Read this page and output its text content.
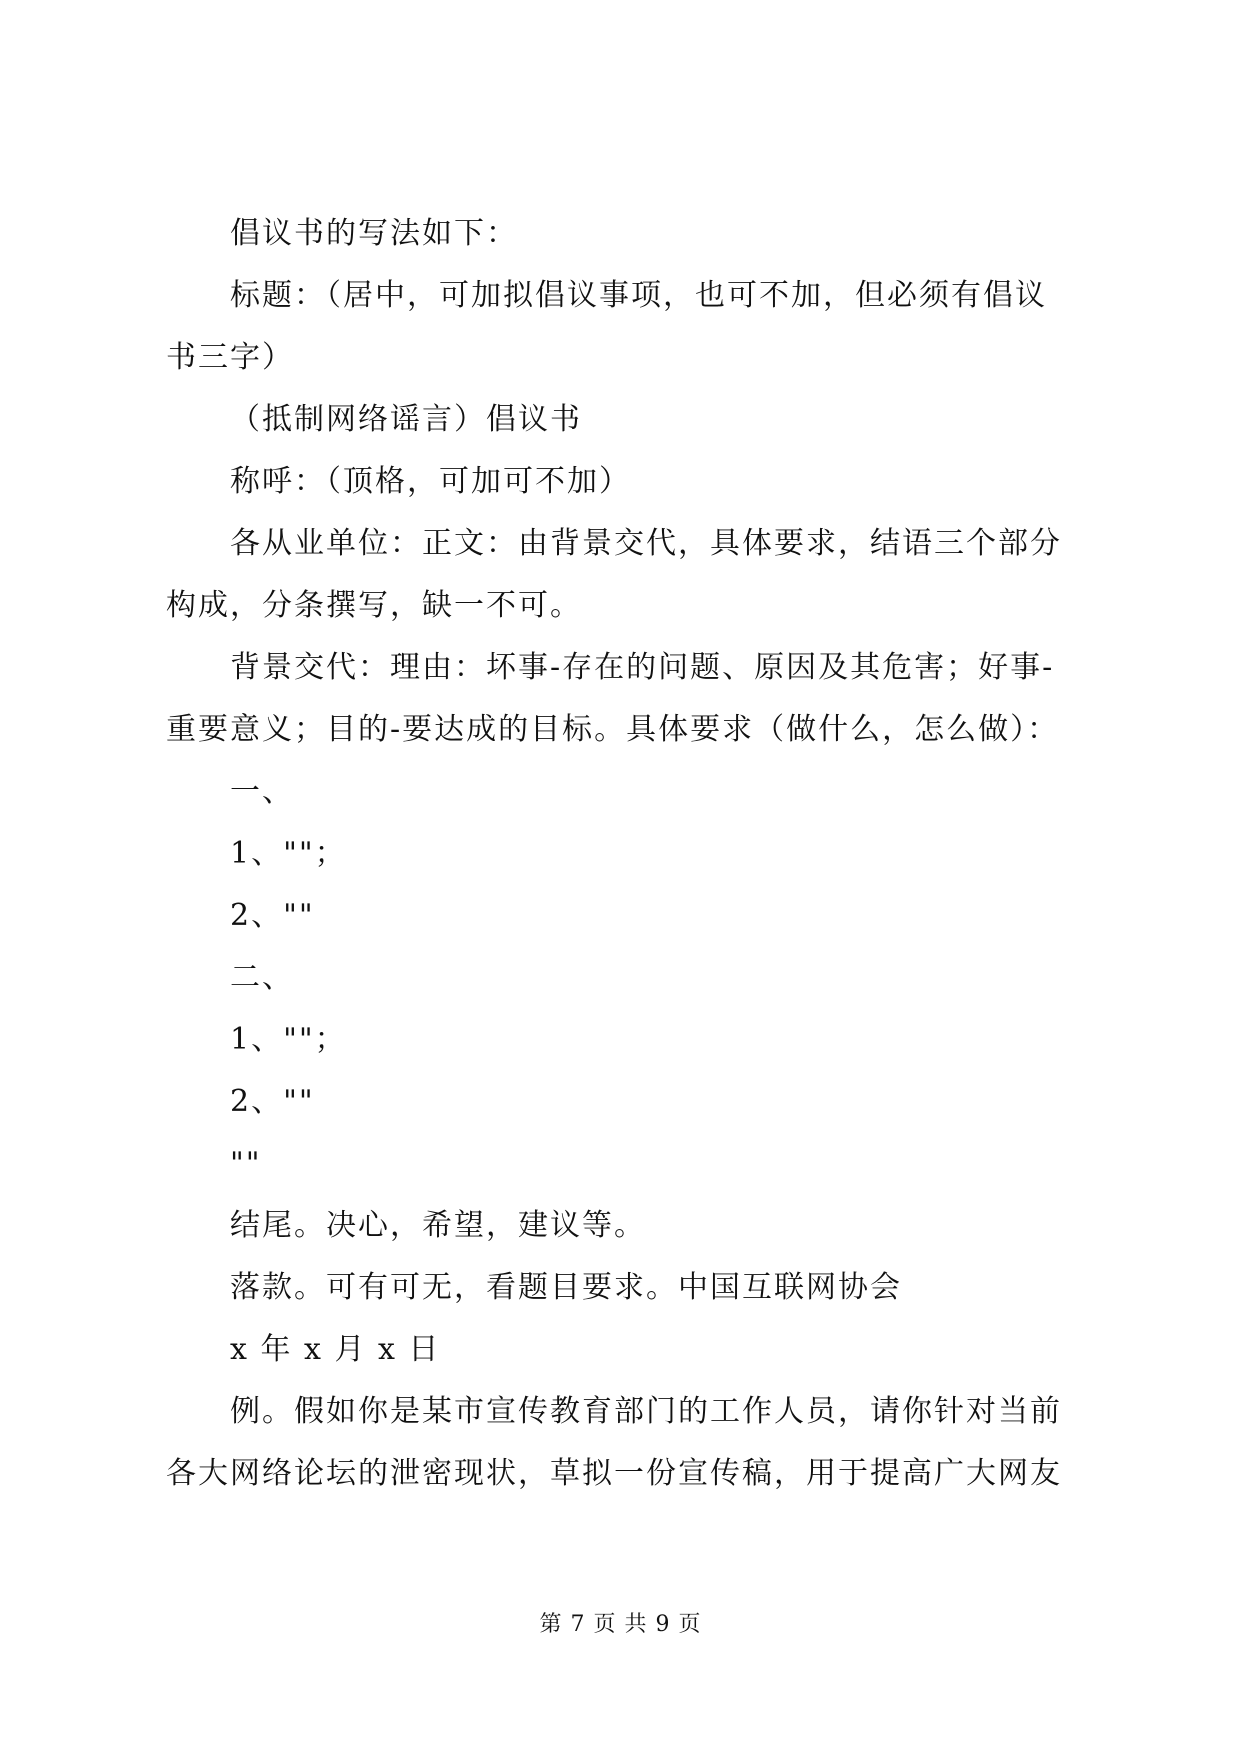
倡议书的写法如下：
标题：（居中，可加拟倡议事项，也可不加，但必须有倡议
书三字）
（抵制网络谣言）倡议书
称呼：（顶格，可加可不加）
各从业单位：正文：由背景交代，具体要求，结语三个部分
构成，分条撰写，缺一不可。
背景交代：理由：坏事-存在的问题、原因及其危害；好事-
重要意义；目的-要达成的目标。具体要求（做什么，怎么做）：
一、
1、""；
2、""
二、
1、""；
2、""
""
结尾。决心，希望，建议等。
落款。可有可无，看题目要求。中国互联网协会
x 年 x 月 x 日
例。假如你是某市宣传教育部门的工作人员，请你针对当前
各大网络论坛的泄密现状，草拟一份宣传稿，用于提高广大网友
第 7 页 共 9 页
